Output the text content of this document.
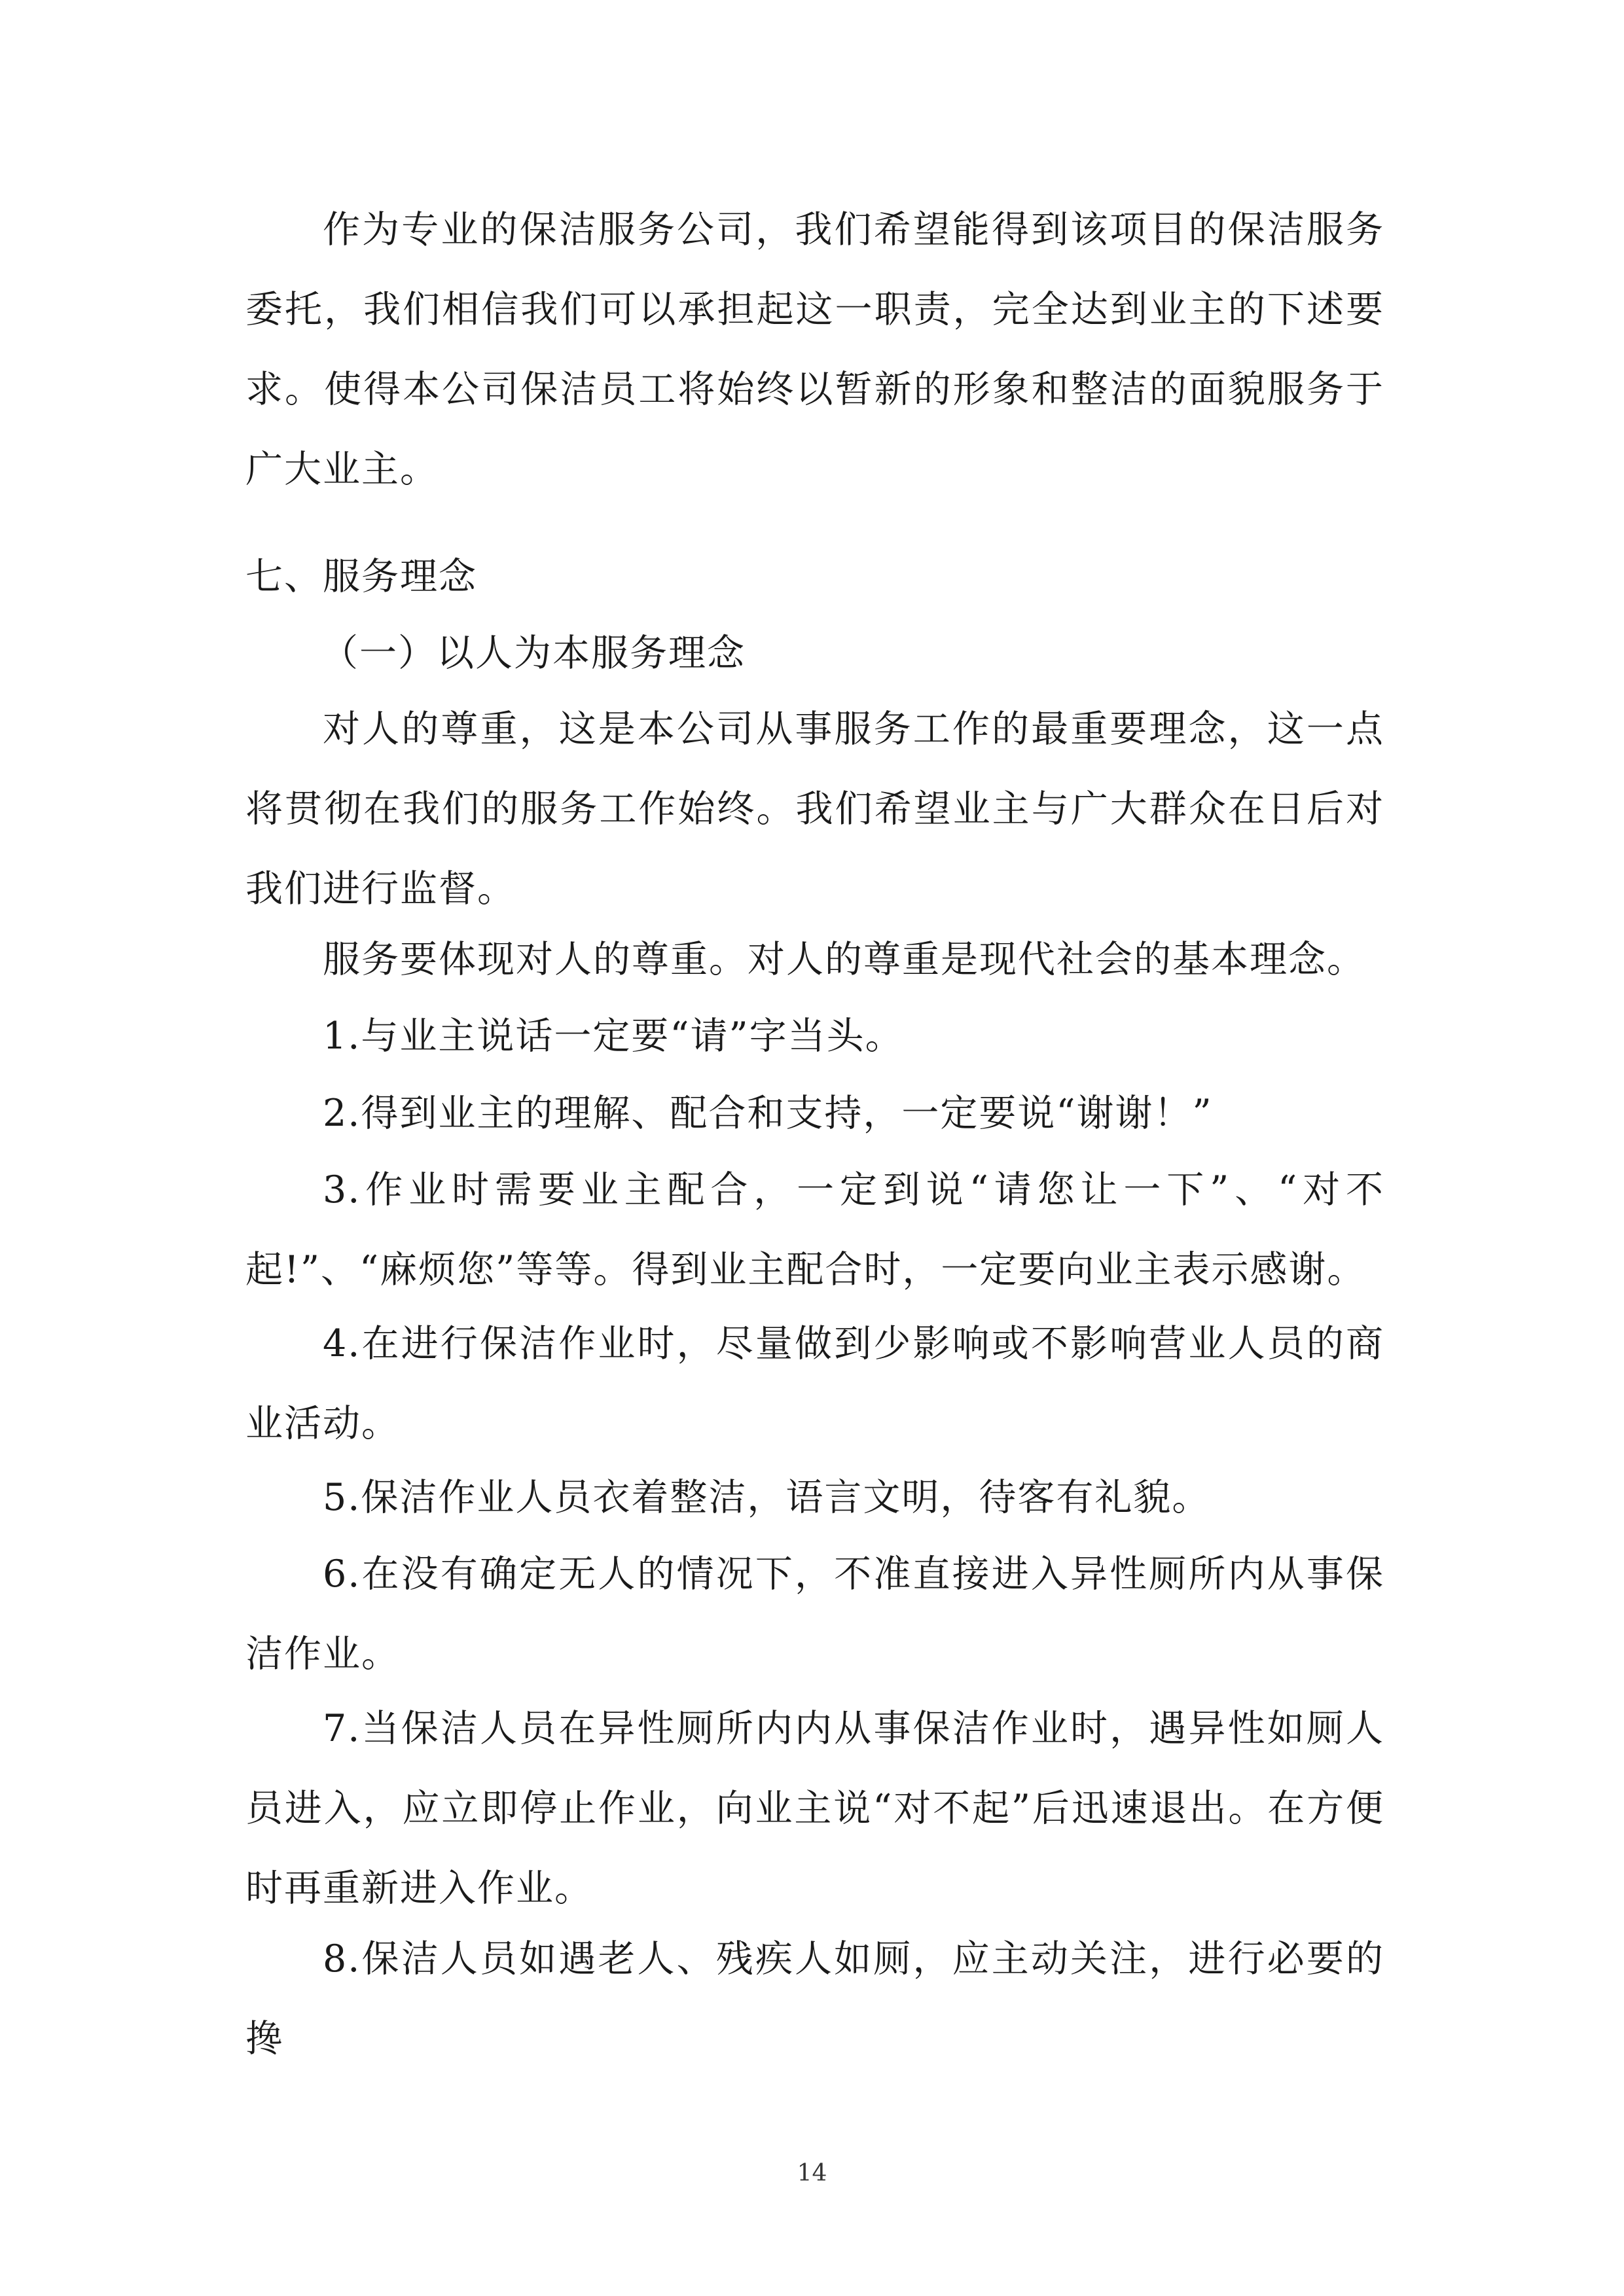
作为专业的保洁服务公司，我们希望能得到该项目的保洁服务委托，我们相信我们可以承担起这一职责，完全达到业主的下述要求。使得本公司保洁员工将始终以暂新的形象和整洁的面貌服务于广大业主。

七、服务理念

（一）以人为本服务理念

对人的尊重，这是本公司从事服务工作的最重要理念，这一点将贯彻在我们的服务工作始终。我们希望业主与广大群众在日后对我们进行监督。

服务要体现对人的尊重。对人的尊重是现代社会的基本理念。

1.与业主说话一定要“请”字当头。

2.得到业主的理解、配合和支持，一定要说“谢谢！”

3.作业时需要业主配合，一定到说“请您让一下”、“对不起!”、“麻烦您”等等。得到业主配合时，一定要向业主表示感谢。

4.在进行保洁作业时，尽量做到少影响或不影响营业人员的商业活动。

5.保洁作业人员衣着整洁，语言文明，待客有礼貌。

6.在没有确定无人的情况下，不准直接进入异性厕所内从事保洁作业。

7.当保洁人员在异性厕所内内从事保洁作业时，遇异性如厕人员进入，应立即停止作业，向业主说“对不起”后迅速退出。在方便时再重新进入作业。

8.保洁人员如遇老人、残疾人如厕，应主动关注，进行必要的搀

14
